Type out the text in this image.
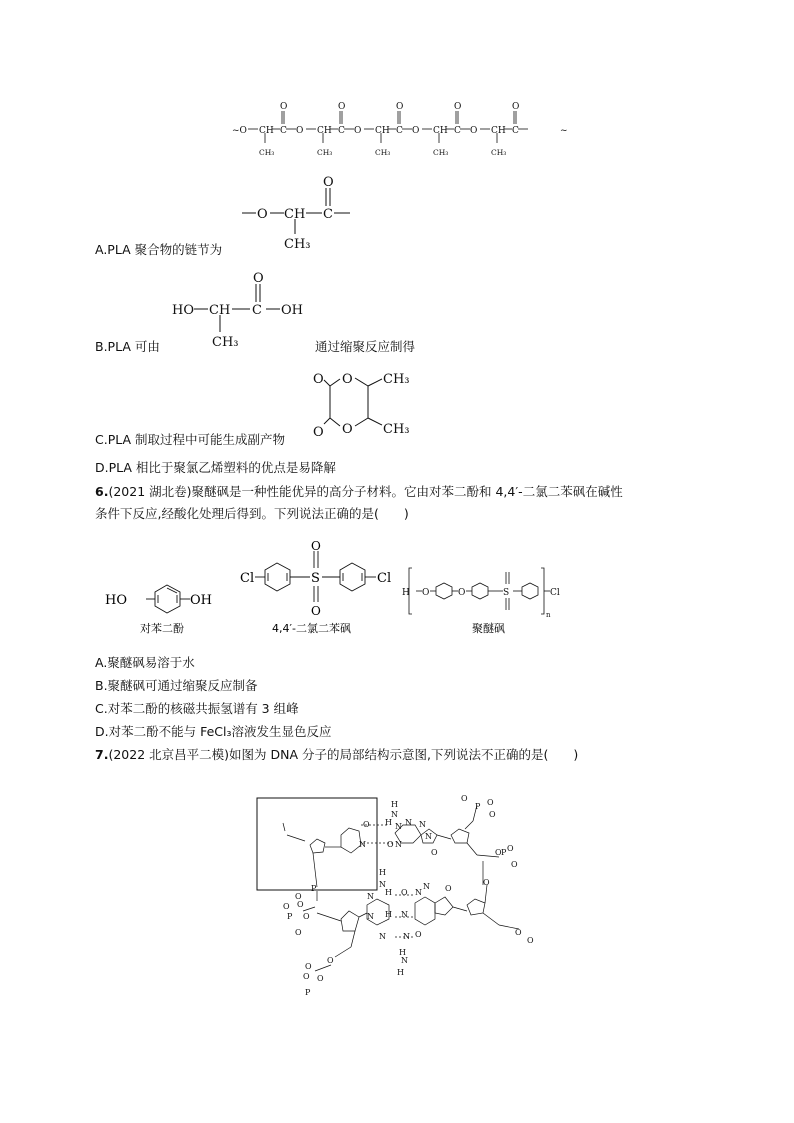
~O	~
CH C
O
CH₃
O CH C
O
CH₃
O CH C
O
CH₃
O CH C
O
CH₃
O CH C
O
CH₃
O CH C
O
CH₃
A.PLA 聚合物的链节为
HO CH C
O
OH
CH₃
B.PLA 可由	通过缩聚反应制得
O O
O
O
CH₃
CH₃
C.PLA 制取过程中可能生成副产物
D.PLA 相比于聚氯乙烯塑料的优点是易降解
6.(2021 湖北卷)聚醚砜是一种性能优异的高分子材料。它由对苯二酚和 4,4′-二氯二苯砜在碱性
条件下反应,经酸化处理后得到。下列说法正确的是(　　)
HO	OH
对苯二酚
Cl	S
O
O
Cl
4,4′-二氯二苯砜
H O	O	S	Cl
n
聚醚砜
A.聚醚砜易溶于水
B.聚醚砜可通过缩聚反应制备
C.对苯二酚的核磁共振氢谱有 3 组峰
D.对苯二酚不能与 FeCl₃溶液发生显色反应
7.(2022 北京昌平二模)如图为 DNA 分子的局部结构示意图,下列说法不正确的是(　　)
H
N
H
O	N N
O
N	N
N
N
O
P
O O
O
O P O
O
O
H
N
H O N
H N
O
N N
N
N
N O
H
N
H
O
O
O
P O
O
P
O
O
O
O
P
O
O
